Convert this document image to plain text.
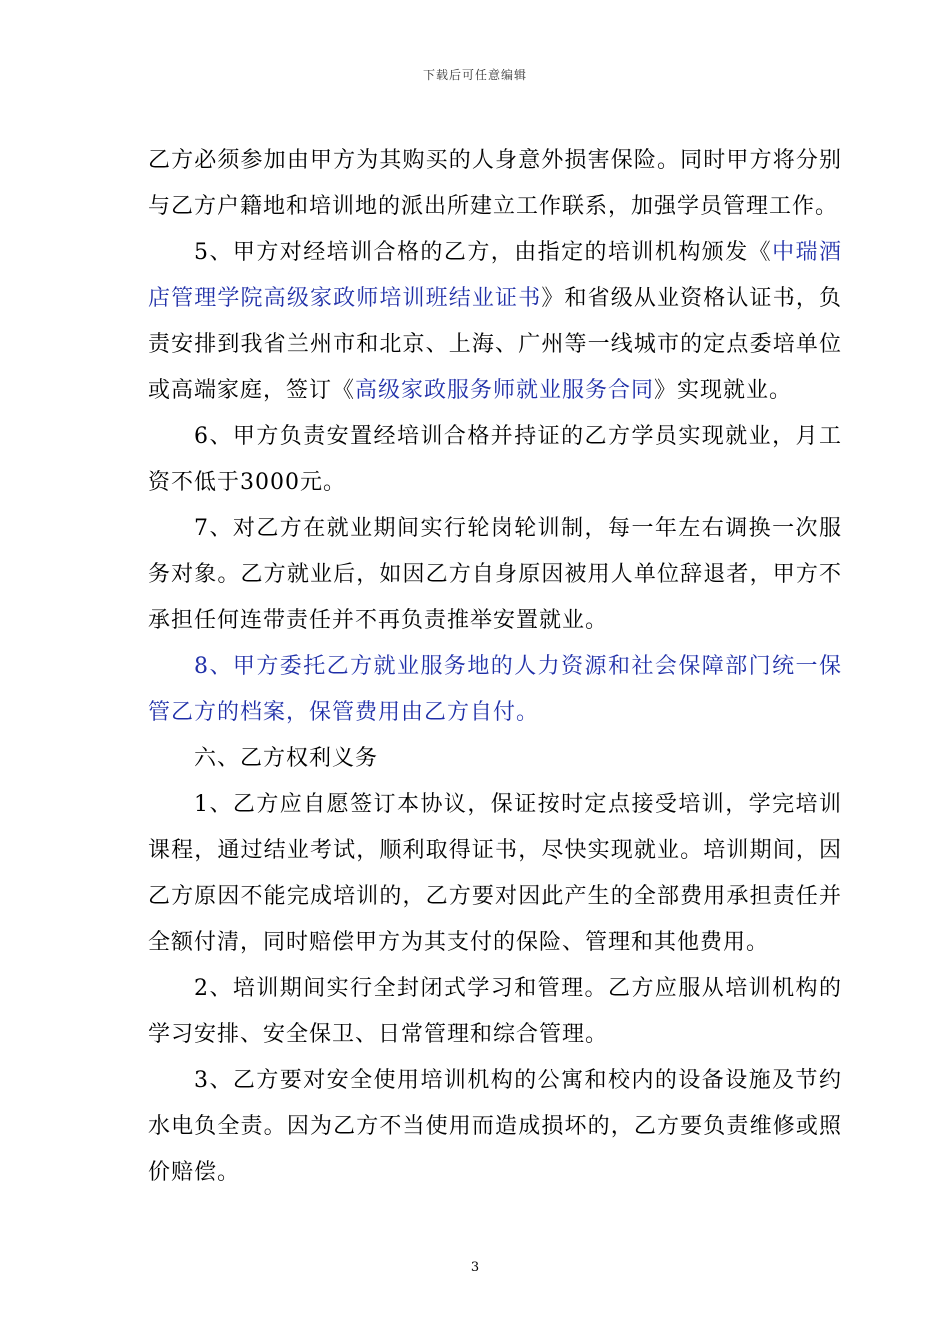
下载后可任意编辑

乙方必须参加由甲方为其购买的人身意外损害保险。同时甲方将分别与乙方户籍地和培训地的派出所建立工作联系，加强学员管理工作。

5、甲方对经培训合格的乙方，由指定的培训机构颁发《中瑞酒店管理学院高级家政师培训班结业证书》和省级从业资格认证书，负责安排到我省兰州市和北京、上海、广州等一线城市的定点委培单位或高端家庭，签订《高级家政服务师就业服务合同》实现就业。

6、甲方负责安置经培训合格并持证的乙方学员实现就业，月工资不低于3000元。

7、对乙方在就业期间实行轮岗轮训制，每一年左右调换一次服务对象。乙方就业后，如因乙方自身原因被用人单位辞退者，甲方不承担任何连带责任并不再负责推举安置就业。

8、甲方委托乙方就业服务地的人力资源和社会保障部门统一保管乙方的档案，保管费用由乙方自付。

六、乙方权利义务

1、乙方应自愿签订本协议，保证按时定点接受培训，学完培训课程，通过结业考试，顺利取得证书，尽快实现就业。培训期间，因乙方原因不能完成培训的，乙方要对因此产生的全部费用承担责任并全额付清，同时赔偿甲方为其支付的保险、管理和其他费用。

2、培训期间实行全封闭式学习和管理。乙方应服从培训机构的学习安排、安全保卫、日常管理和综合管理。

3、乙方要对安全使用培训机构的公寓和校内的设备设施及节约水电负全责。因为乙方不当使用而造成损坏的，乙方要负责维修或照价赔偿。

3
